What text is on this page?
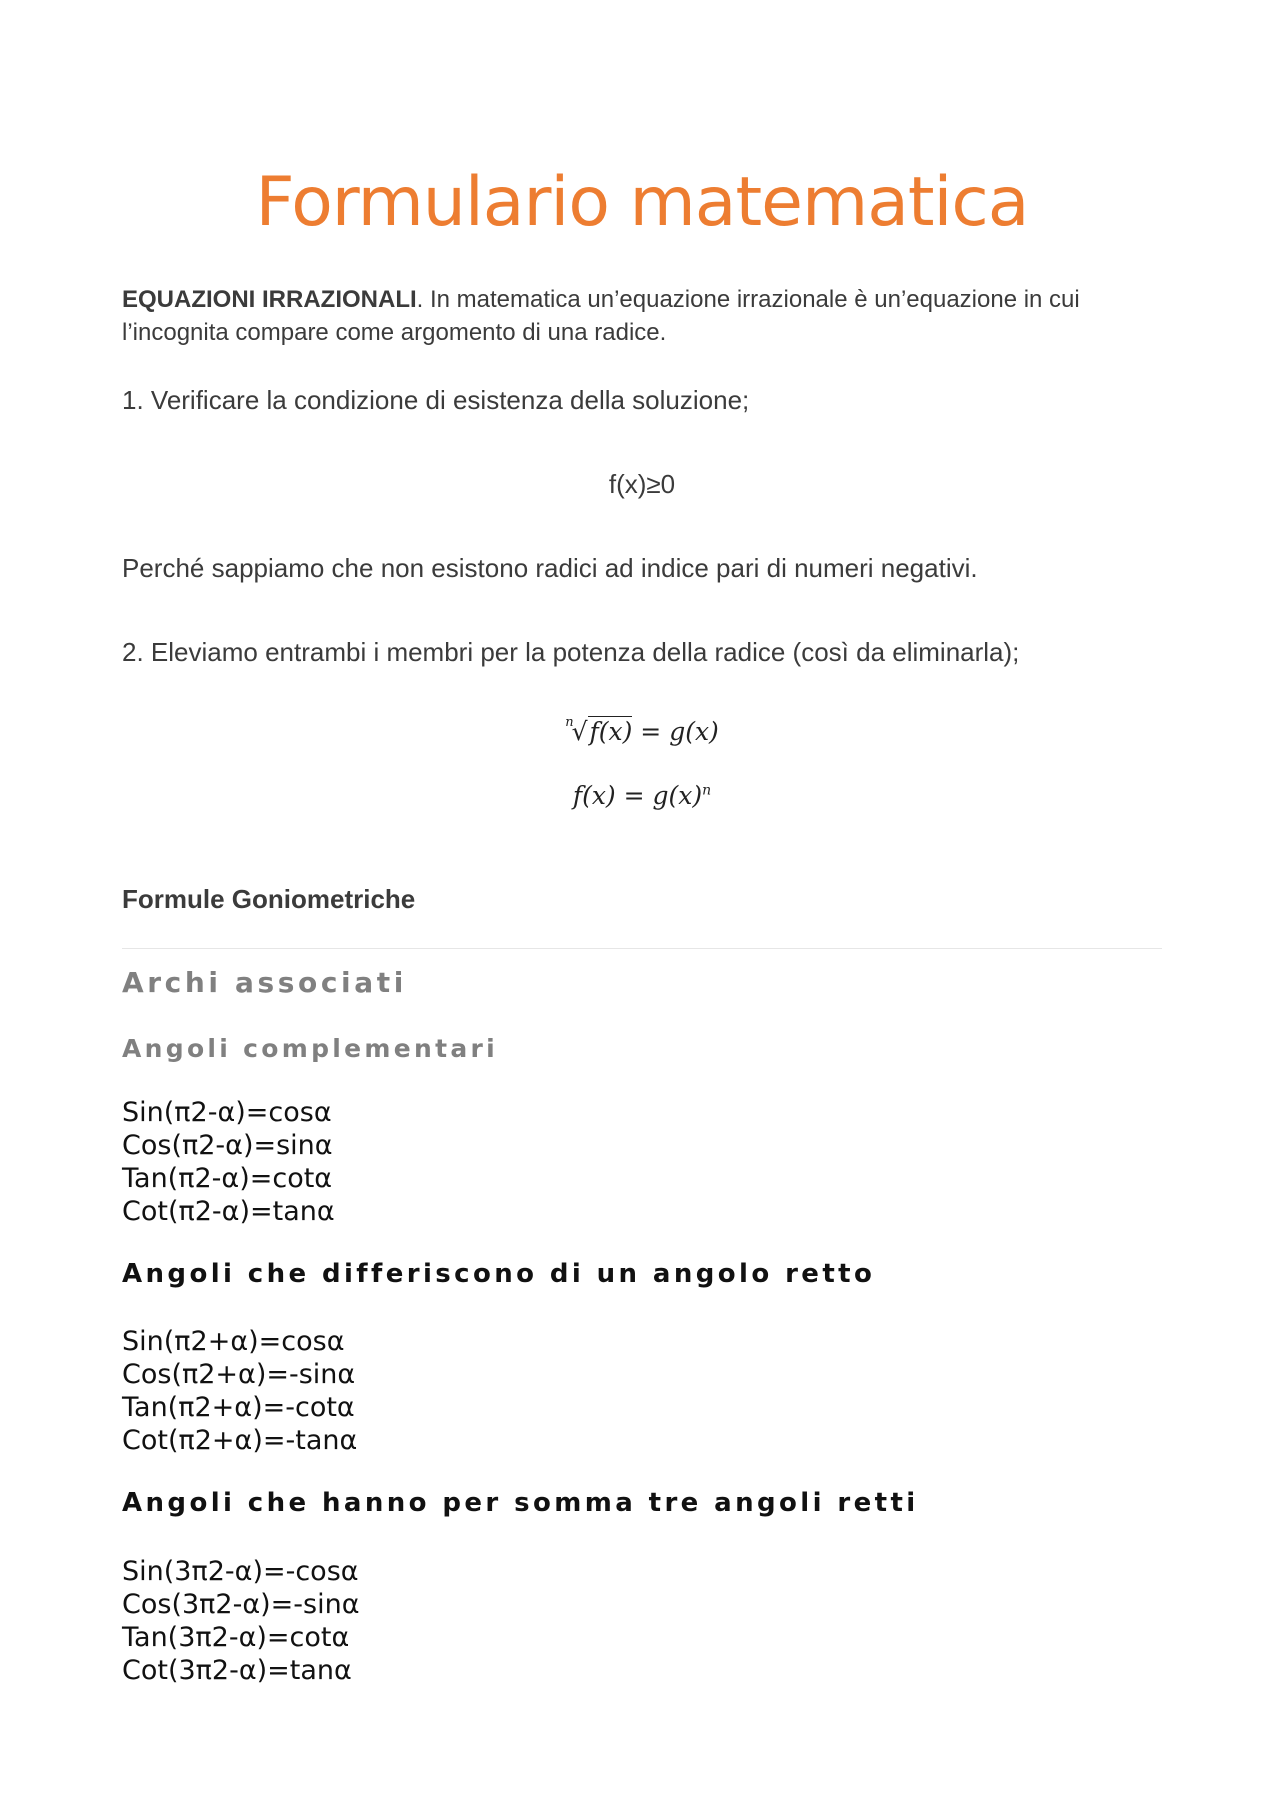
Formulario matematica
EQUAZIONI IRRAZIONALI. In matematica un’equazione irrazionale è un’equazione in cui l’incognita compare come argomento di una radice.
1. Verificare la condizione di esistenza della soluzione;
f(x)≥0
Perché sappiamo che non esistono radici ad indice pari di numeri negativi.
2. Eleviamo entrambi i membri per la potenza della radice (così da eliminarla);
$^n$√f(x) = g(x)
$f(x) = g(x)^n$
Formule Goniometriche
Archi associati
Angoli complementari
Sin(π2-α)=cosα
Cos(π2-α)=sinα
Tan(π2-α)=cotα
Cot(π2-α)=tanα
Angoli che differiscono di un angolo retto
Sin(π2+α)=cosα
Cos(π2+α)=-sinα
Tan(π2+α)=-cotα
Cot(π2+α)=-tanα
Angoli che hanno per somma tre angoli retti
Sin(3π2-α)=-cosα
Cos(3π2-α)=-sinα
Tan(3π2-α)=cotα
Cot(3π2-α)=tanα
